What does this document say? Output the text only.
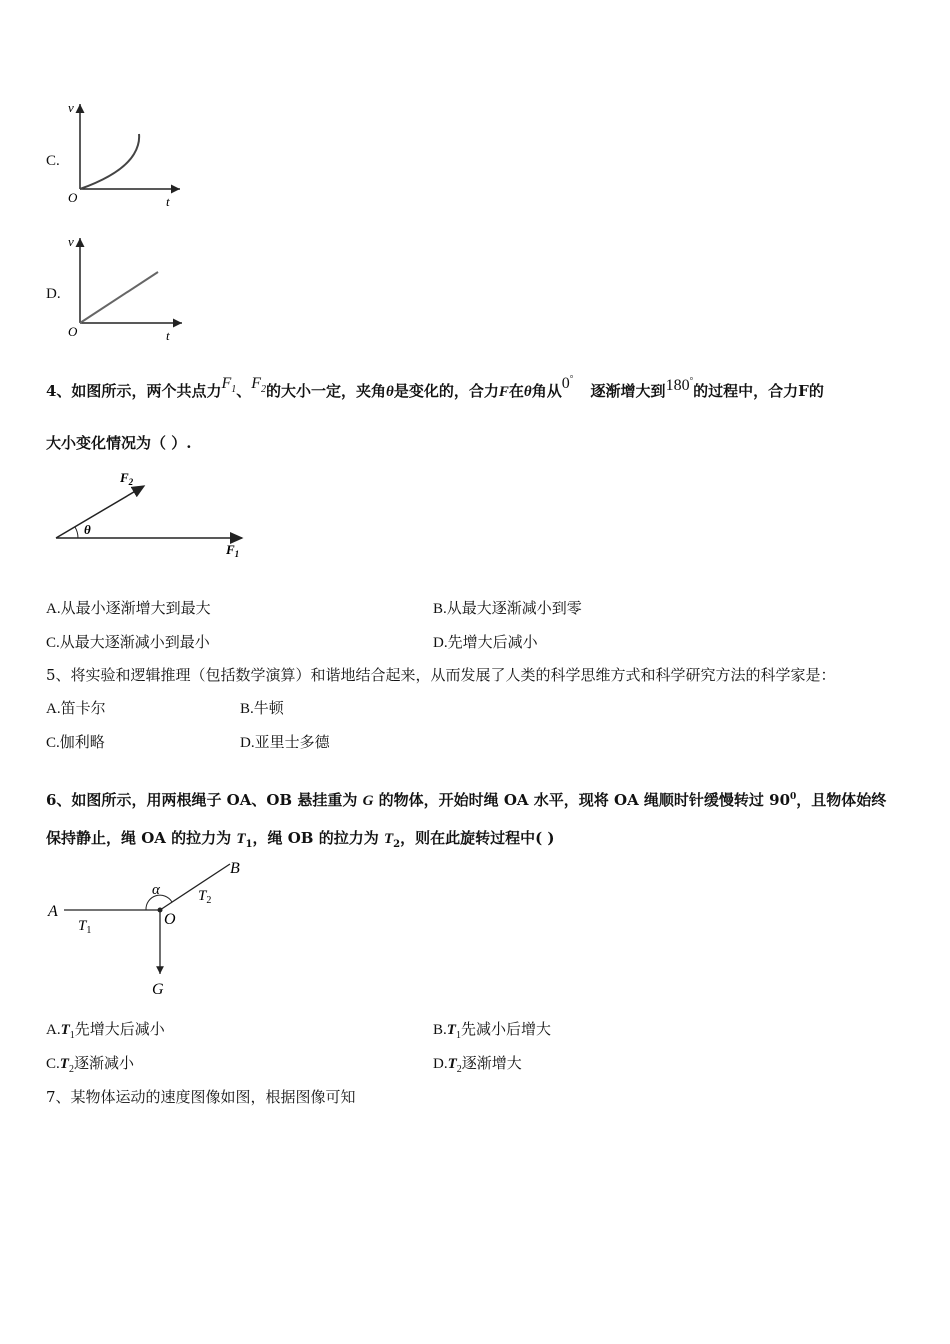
C.
v
O	t
D.
v
O	t
4、如图所示，两个共点力$F_1$、$F_2$的大小一定，夹角θ是变化的，合力F在θ角从0° 逐渐增大到180°的过程中，合力F的
大小变化情况为（ ）.
$F_2$
θ
$F_1$
A.从最小逐渐增大到最大	B.从最大逐渐减小到零
C.从最大逐渐减小到最小	D.先增大后减小
5、将实验和逻辑推理（包括数学演算）和谐地结合起来，从而发展了人类的科学思维方式和科学研究方法的科学家是：
A.笛卡尔	B.牛顿
C.伽利略	D.亚里士多德
6、如图所示，用两根绳子 OA、OB 悬挂重为 G 的物体，开始时绳 OA 水平，现将 OA 绳顺时针缓慢转过 $90^0$，且物体始终
保持静止，绳 OA 的拉力为 $T_1$，绳 OB 的拉力为 $T_2$，则在此旋转过程中( )
A
B
O
G
α
$T_1$
$T_2$
$A.T_1$先增大后减小	$B.T_1$先减小后增大
$C.T_2$逐渐减小	$D.T_2$逐渐增大
7、某物体运动的速度图像如图，根据图像可知
